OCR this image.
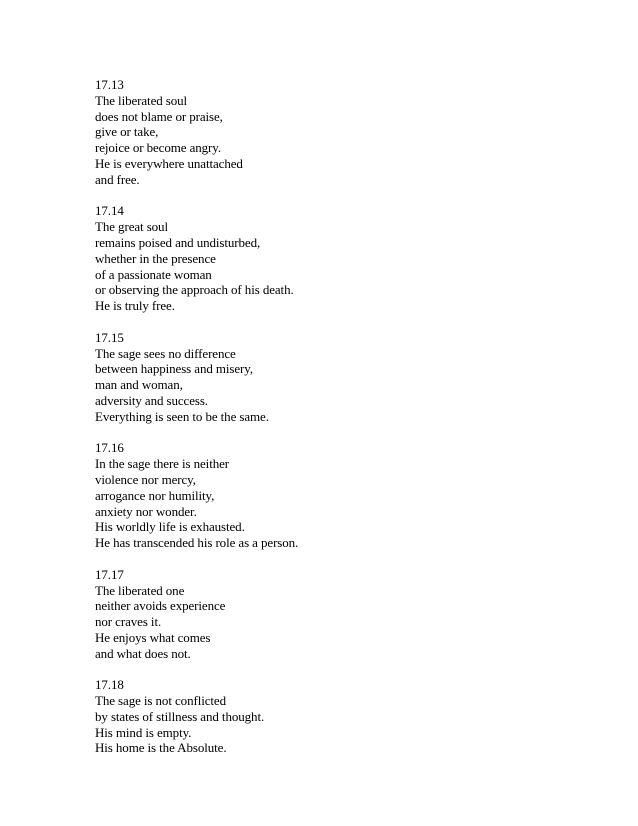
17.13
The liberated soul
does not blame or praise,
give or take,
rejoice or become angry.
He is everywhere unattached
and free.
17.14
The great soul
remains poised and undisturbed,
whether in the presence
of a passionate woman
or observing the approach of his death.
He is truly free.
17.15
The sage sees no difference
between happiness and misery,
man and woman,
adversity and success.
Everything is seen to be the same.
17.16
In the sage there is neither
violence nor mercy,
arrogance nor humility,
anxiety nor wonder.
His worldly life is exhausted.
He has transcended his role as a person.
17.17
The liberated one
neither avoids experience
nor craves it.
He enjoys what comes
and what does not.
17.18
The sage is not conflicted
by states of stillness and thought.
His mind is empty.
His home is the Absolute.
